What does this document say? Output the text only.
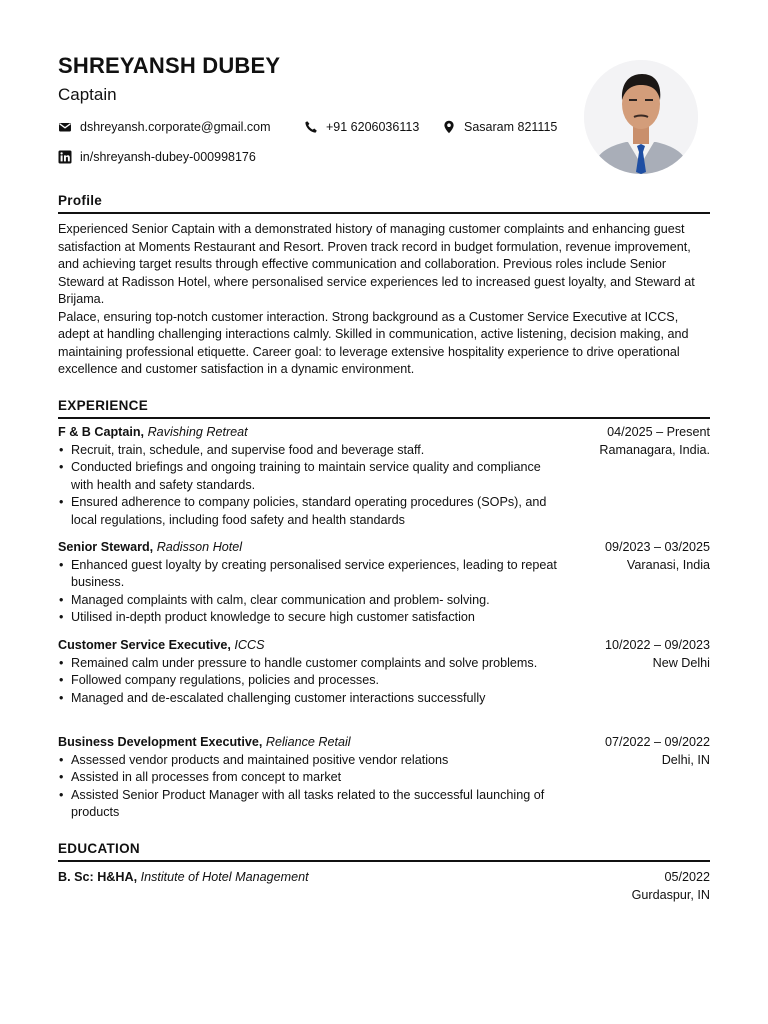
SHREYANSH DUBEY
Captain
dshreyansh.corporate@gmail.com	+91 6206036113	Sasaram 821115
in/shreyansh-dubey-000998176
Profile

Experienced Senior Captain with a demonstrated history of managing customer complaints and enhancing guest satisfaction at Moments Restaurant and Resort. Proven track record in budget formulation, revenue improvement, and achieving target results through effective communication and collaboration. Previous roles include Senior Steward at Radisson Hotel, where personalised service experiences led to increased guest loyalty, and Steward at Brijama.

Palace, ensuring top-notch customer interaction. Strong background as a Customer Service Executive at ICCS, adept at handling challenging interactions calmly. Skilled in communication, active listening, decision making, and maintaining professional etiquette. Career goal: to leverage extensive hospitality experience to drive operational excellence and customer satisfaction in a dynamic environment.

EXPERIENCE
F & B Captain, Ravishing Retreat	04/2025 – Present
Ramanagara, India.
• Recruit, train, schedule, and supervise food and beverage staff.
• Conducted briefings and ongoing training to maintain service quality and compliance with health and safety standards.
• Ensured adherence to company policies, standard operating procedures (SOPs), and local regulations, including food safety and health standards
Senior Steward, Radisson Hotel	09/2023 – 03/2025
Varanasi, India
• Enhanced guest loyalty by creating personalised service experiences, leading to repeat business.
• Managed complaints with calm, clear communication and problem- solving.
• Utilised in-depth product knowledge to secure high customer satisfaction
Customer Service Executive, ICCS	10/2022 – 09/2023
New Delhi
• Remained calm under pressure to handle customer complaints and solve problems.
• Followed company regulations, policies and processes.
• Managed and de-escalated challenging customer interactions successfully
Business Development Executive, Reliance Retail	07/2022 – 09/2022
Delhi, IN
• Assessed vendor products and maintained positive vendor relations
• Assisted in all processes from concept to market
• Assisted Senior Product Manager with all tasks related to the successful launching of products
EDUCATION
B. Sc: H&HA, Institute of Hotel Management	05/2022
Gurdaspur, IN
